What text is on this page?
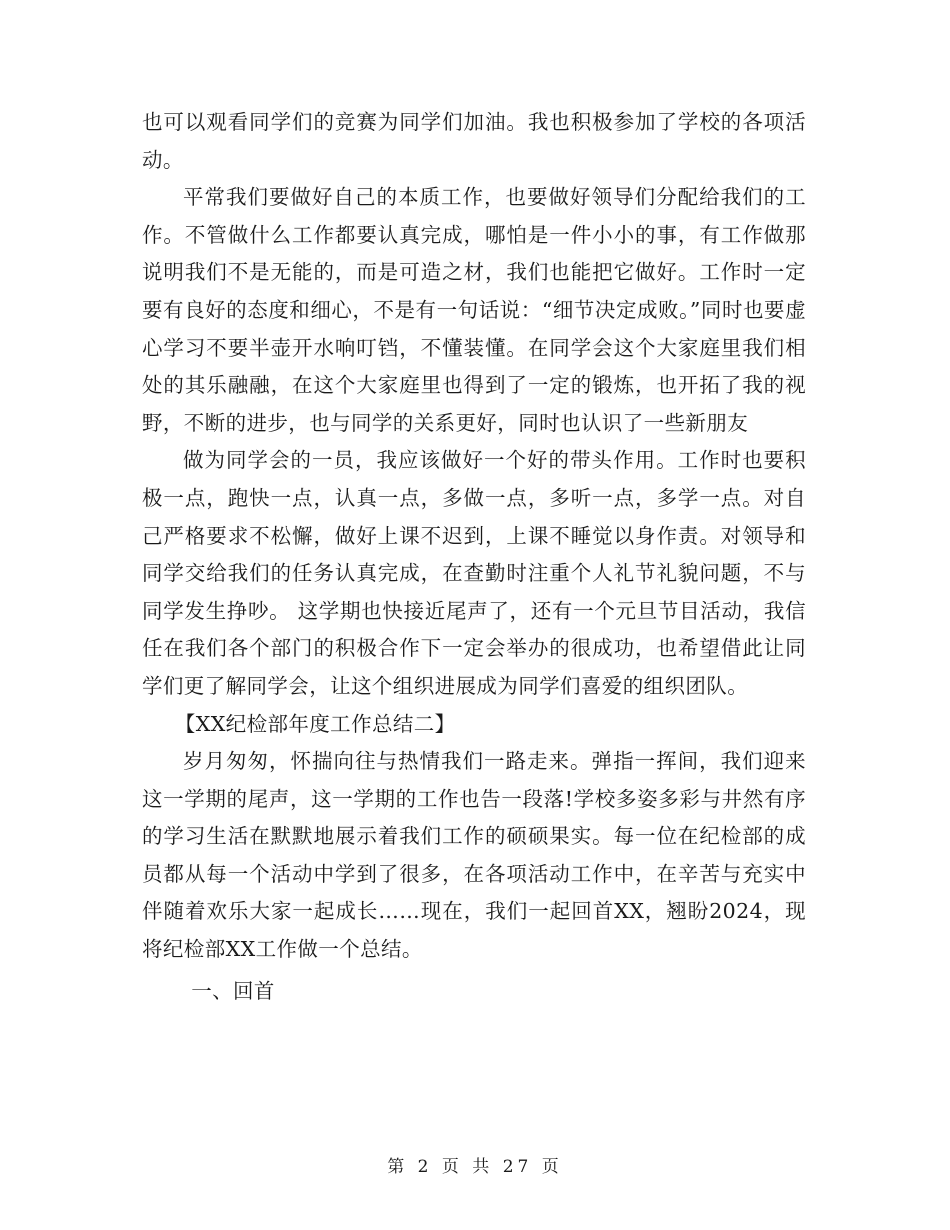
也可以观看同学们的竞赛为同学们加油。我也积极参加了学校的各项活动。

平常我们要做好自己的本质工作，也要做好领导们分配给我们的工作。不管做什么工作都要认真完成，哪怕是一件小小的事，有工作做那说明我们不是无能的，而是可造之材，我们也能把它做好。工作时一定要有良好的态度和细心，不是有一句话说：“细节决定成败。”同时也要虚心学习不要半壶开水响叮铛，不懂装懂。在同学会这个大家庭里我们相处的其乐融融，在这个大家庭里也得到了一定的锻炼，也开拓了我的视野，不断的进步，也与同学的关系更好，同时也认识了一些新朋友

做为同学会的一员，我应该做好一个好的带头作用。工作时也要积极一点，跑快一点，认真一点，多做一点，多听一点，多学一点。对自己严格要求不松懈，做好上课不迟到，上课不睡觉以身作责。对领导和同学交给我们的任务认真完成，在查勤时注重个人礼节礼貌问题，不与同学发生挣吵。 这学期也快接近尾声了，还有一个元旦节目活动，我信任在我们各个部门的积极合作下一定会举办的很成功，也希望借此让同学们更了解同学会，让这个组织进展成为同学们喜爱的组织团队。

【XX纪检部年度工作总结二】

岁月匆匆，怀揣向往与热情我们一路走来。弹指一挥间，我们迎来这一学期的尾声，这一学期的工作也告一段落!学校多姿多彩与井然有序的学习生活在默默地展示着我们工作的硕硕果实。每一位在纪检部的成员都从每一个活动中学到了很多，在各项活动工作中，在辛苦与充实中伴随着欢乐大家一起成长……现在，我们一起回首XX，翘盼2024，现将纪检部XX工作做一个总结。

一、回首

第 2 页 共 27 页
